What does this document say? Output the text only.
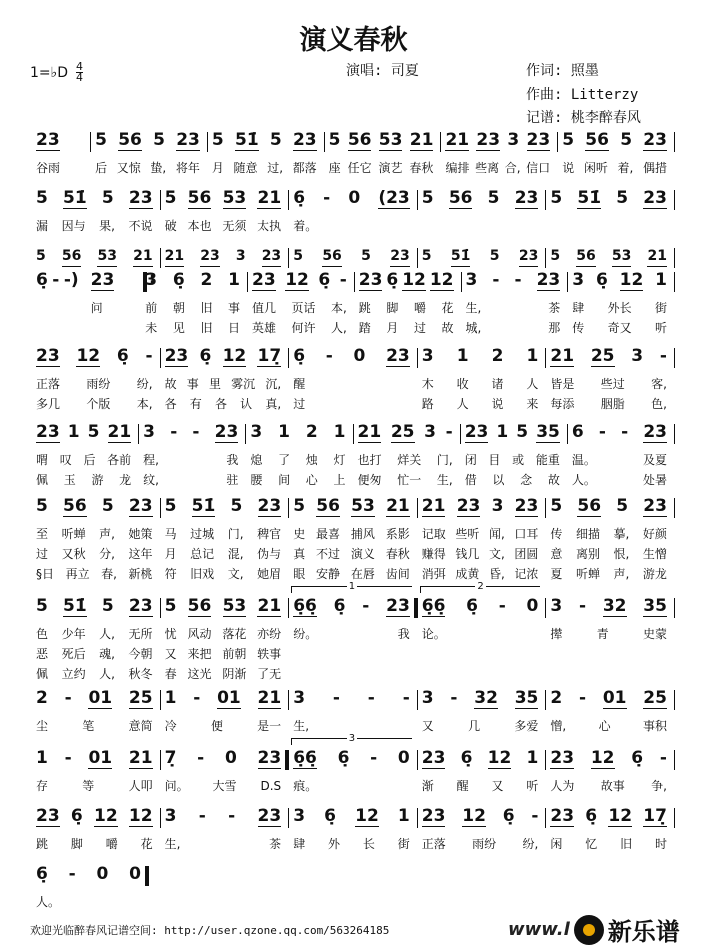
演义春秋
1=♭D 4
4	演唱: 司夏	作词: 照墨
作曲: Litterzy
记谱: 桃李醉春风
23
谷雨
5 56 5 23
后 又惊 蛰, 将年
5 51̇ 5 23
月 随意 过, 都落
5 56 53 21
座 任它 演艺 春秋
21 23 3 23
编排 些离 合, 信口
5 56 5 23
说 闲听 着, 偶措
5 51̇ 5 23
漏 因与 果, 不说
5 56 53 21
破 本也 无须 太执
6̣ - 0 (23
着。
5 56 5 23 5 51̇ 5 23
5 56 53 21 21 23 3 23 5 56 5 23 5 51̇ 5 23 5 56 53 21
6̣ - -) 23
问
:
3 6̣ 2 1
前 朝 旧 事
未 见 旧 日
23 12 6̣ -
值几 页话 本,
英雄 何许 人,
23 6̣ 12 12
跳 脚 嚼 花
踏 月 过 故
3 - - 23
生,	茶
城,	那
3 6̣ 12 1
肆 外长 街
传 奇又 听
23 12 6̣ -
正落 雨纷 纷,
多几 个版 本,
23 6̣ 12 17̣
故 事 里 雾沉 沉,
各 有 各 认 真,
6̣ - 0 23
醒
过
3 1 2 1
木 收 诸 人
路 人 说 来
21 25 3 -
皆是 些过 客,
每添 胭脂 色,
23 1 5 21
喟 叹 后 各前
佩 玉 游 龙
3 - - 23
程,	我
纹,	驻
3 1 2 1
熄 了 烛 灯
腰 间 心 上
21 25 3 -
也打 烊关 门,
便匆 忙一 生,
23 1 5 35
闭 目 或 能重
借 以 念 故
6 - - 23
温。	及夏
人。	处暑
5 56 5 23
至 听蝉 声, 她策
过 又秋 分, 这年
§日 再立 春, 新桃
5 51̇ 5 23
马 过城 门, 稗官
月 总记 混, 伪与
符 旧戏 文, 她眉
5 56 53 21
史 最喜 捕风 系影
真 不过 演义 春秋
眼 安静 在唇 齿间
21 23 3 23
记取 些听 闻, 口耳
赚得 钱几 文, 团圆
消弭 成黄 昏, 记浓
5 56 5 23
传 细描 摹, 好颜
意 离别 恨, 生憎
夏 听蝉 声, 游龙
5 51̇ 5 23
色 少年 人, 无所
恶 死后 魂, 今朝
佩 立约 人, 秋冬
5 56 53 21
忧 风动 落花 亦纷
又 来把 前朝 轶事
春 这光 阴渐 了无
6̣6̣ 6̣ - 23
纷。	我
:
1
6̣6̣ 6̣ - 0
论。
2
3 - 32 35
撵	青	史蒙
2 - 01 25
尘	笔	意简
1 - 01 21
冷	便	是一
3 - - -
生,
3 - 32 35
又	几	多爱
2 - 01 25
憎,	心	事积
1 - 01 21
存	等	人叩
7̣ - 0 23
问。 大雪 D.S
6̣6̣ 6̣ - 0
痕。
3
23 6̣ 12 1
渐 醒 又 听
23 12 6̣ -
人为 故事 争,
23 6̣ 12 12
跳 脚 嚼 花
3 - - 23
生,	茶
3 6̣ 12 1
肆 外 长 街
23 12 6̣ -
正落 雨纷 纷,
23 6̣ 12 17̣
闲 忆 旧 时
6̣ - 0 0
人。
欢迎光临醉春风记谱空间: http://user.qzone.qq.com/563264185	www.l 新乐谱
